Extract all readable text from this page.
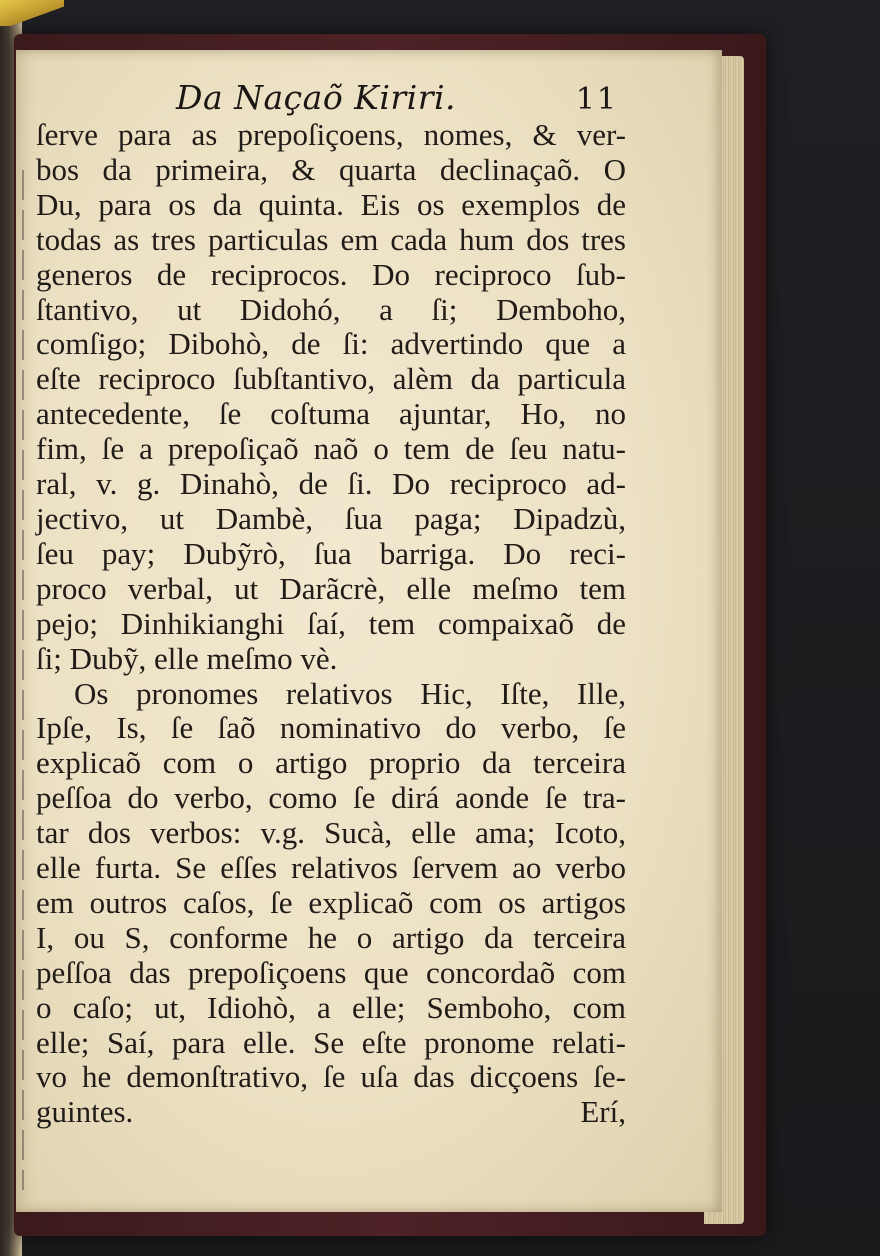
Da Naçaõ Kiriri.	11
ſerve para as prepoſiçoens, nomes, & ver-
bos da primeira, & quarta declinaçaõ. O
Du, para os da quinta. Eis os exemplos de
todas as tres particulas em cada hum dos tres
generos de reciprocos. Do reciproco ſub-
ſtantivo, ut Didohó, a ſi; Demboho,
comſigo; Dibohò, de ſi: advertindo que a
eſte reciproco ſubſtantivo, alèm da particula
antecedente, ſe coſtuma ajuntar, Ho, no
fim, ſe a prepoſiçaõ naõ o tem de ſeu natu-
ral, v. g. Dinahò, de ſi. Do reciproco ad-
jectivo, ut Dambè, ſua paga; Dipadzù,
ſeu pay; Dubỹrò, ſua barriga. Do reci-
proco verbal, ut Darãcrè, elle meſmo tem
pejo; Dinhikianghi ſaí, tem compaixaõ de
ſi; Dubỹ, elle meſmo vè.
Os pronomes relativos Hic, Iſte, Ille,
Ipſe, Is, ſe ſaõ nominativo do verbo, ſe
explicaõ com o artigo proprio da terceira
peſſoa do verbo, como ſe dirá aonde ſe tra-
tar dos verbos: v.g. Sucà, elle ama; Icoto,
elle furta. Se eſſes relativos ſervem ao verbo
em outros caſos, ſe explicaõ com os artigos
I, ou S, conforme he o artigo da terceira
peſſoa das prepoſiçoens que concordaõ com
o caſo; ut, Idiohò, a elle; Semboho, com
elle; Saí, para elle. Se eſte pronome relati-
vo he demonſtrativo, ſe uſa das dicçoens ſe-
guintes.	Erí,
